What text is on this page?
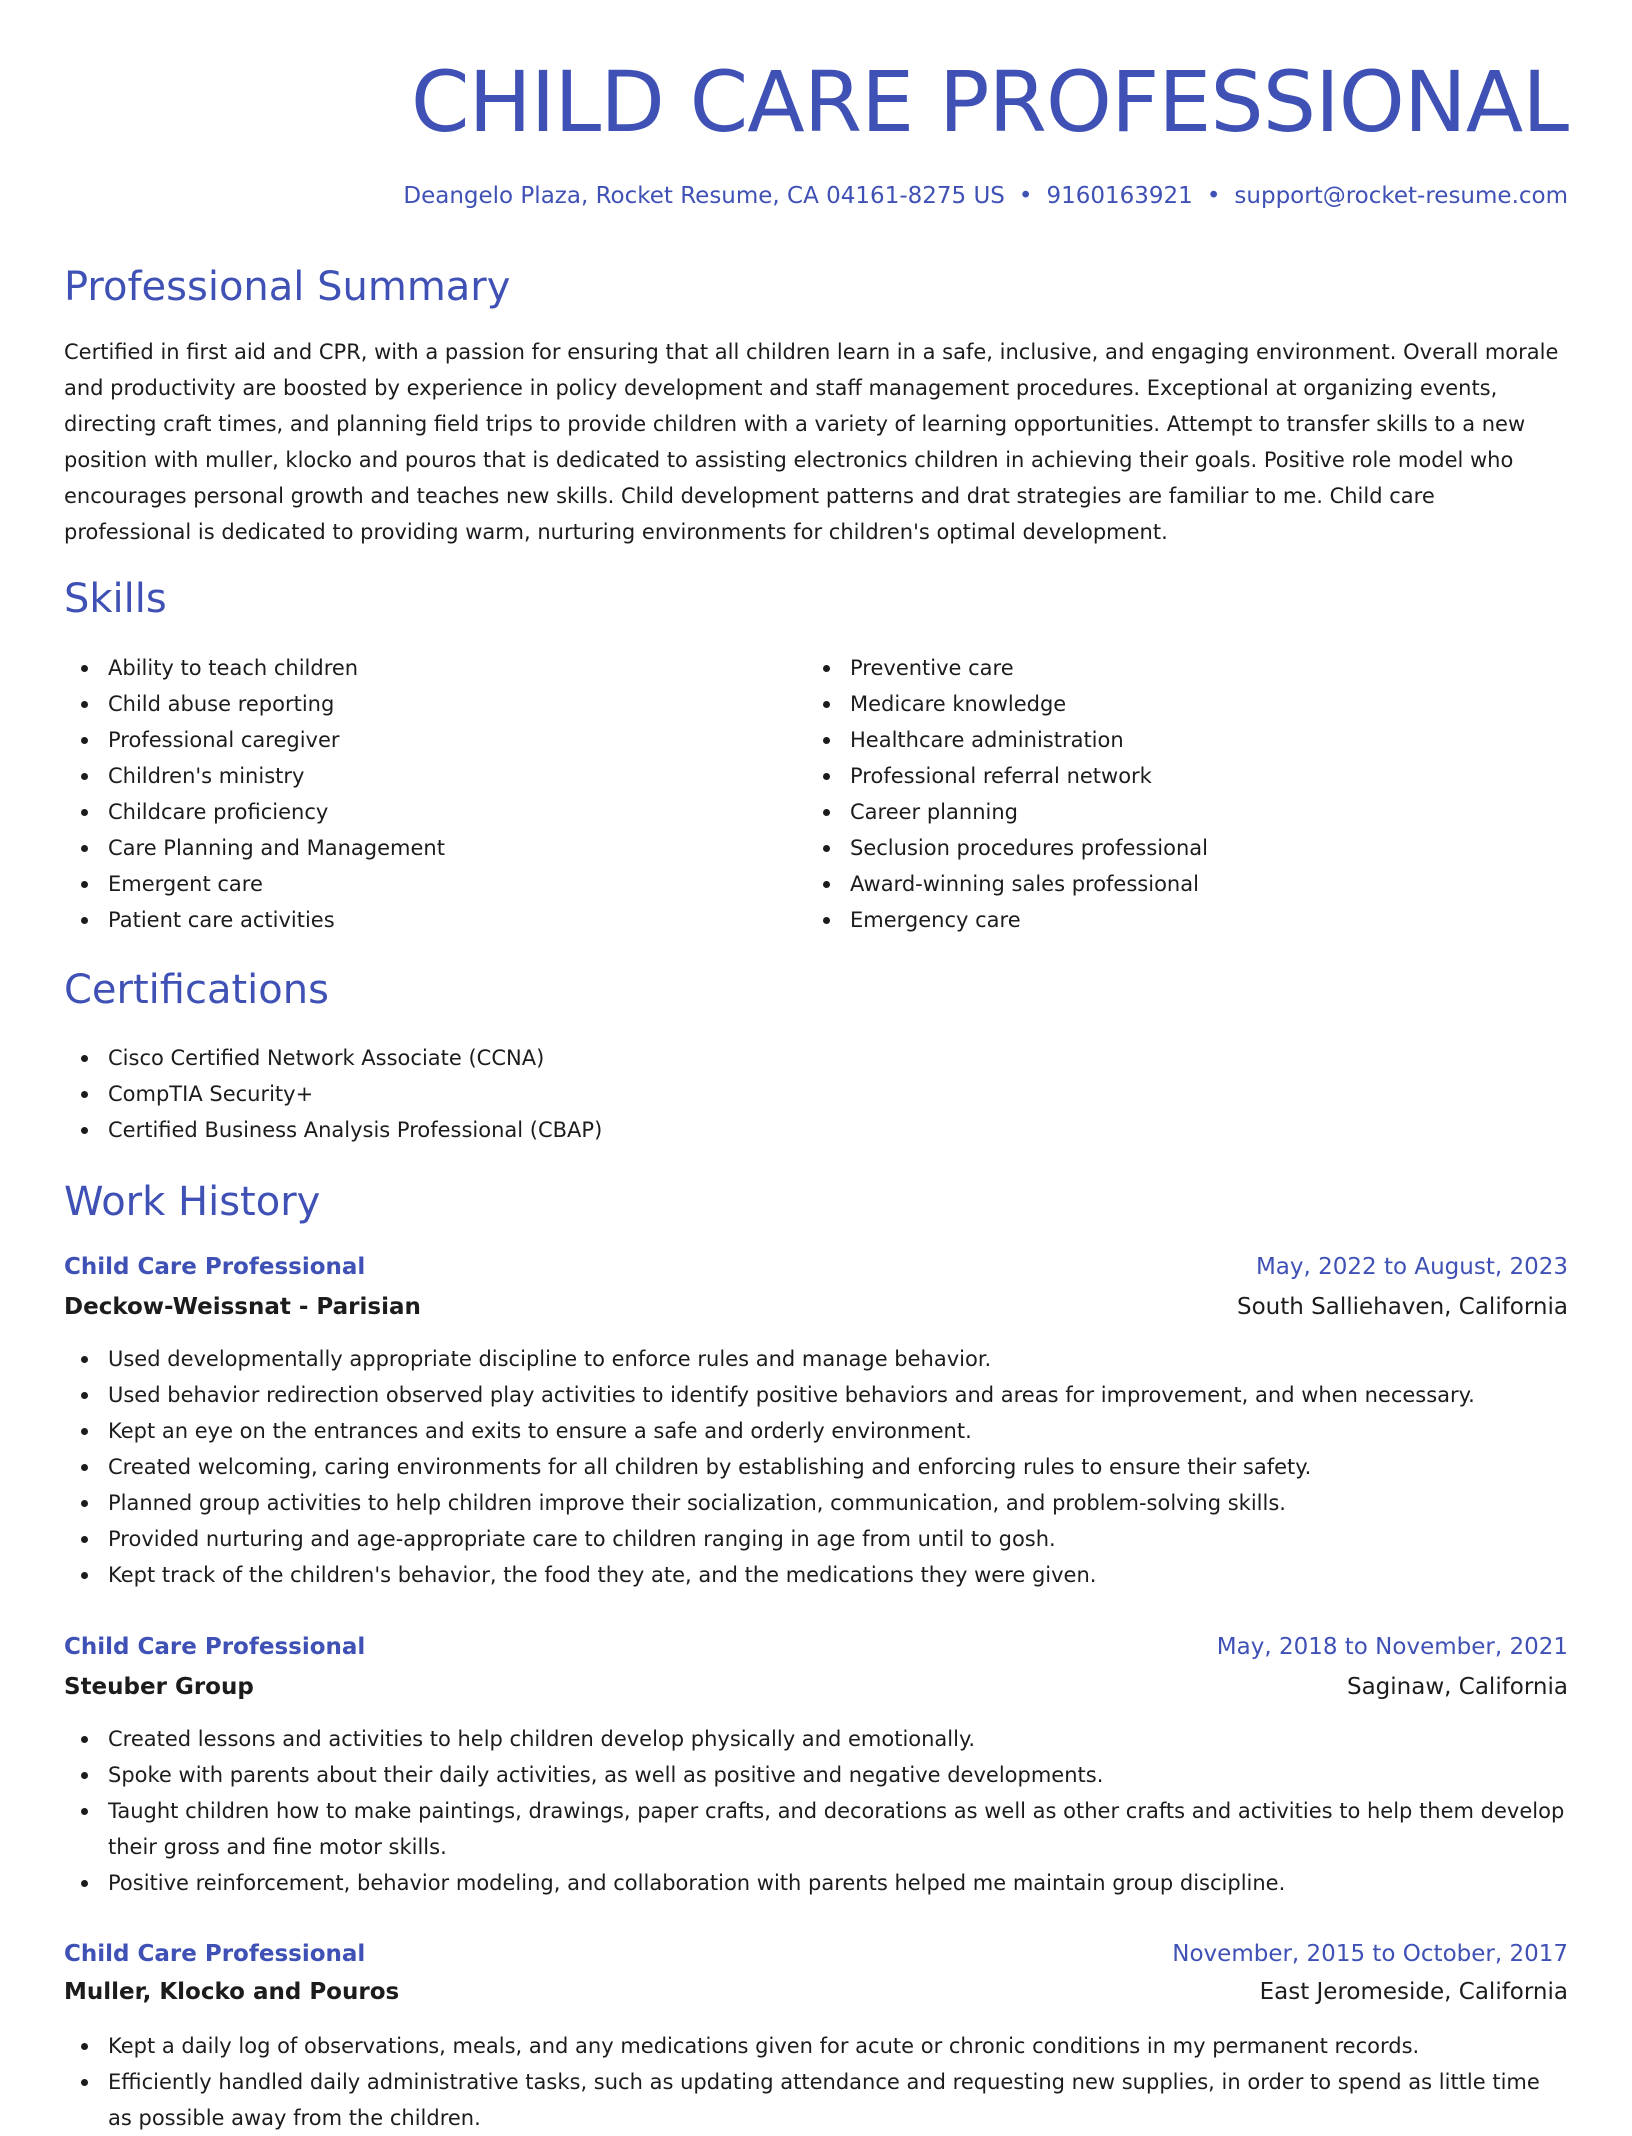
CHILD CARE PROFESSIONAL
Deangelo Plaza, Rocket Resume, CA 04161-8275 US • 9160163921 • support@rocket-resume.com
Professional Summary

Certified in first aid and CPR, with a passion for ensuring that all children learn in a safe, inclusive, and engaging environment. Overall morale and productivity are boosted by experience in policy development and staff management procedures. Exceptional at organizing events, directing craft times, and planning field trips to provide children with a variety of learning opportunities. Attempt to transfer skills to a new position with muller, klocko and pouros that is dedicated to assisting electronics children in achieving their goals. Positive role model who encourages personal growth and teaches new skills. Child development patterns and drat strategies are familiar to me. Child care professional is dedicated to providing warm, nurturing environments for children's optimal development.

Skills
Ability to teach children
Child abuse reporting
Professional caregiver
Children's ministry
Childcare proficiency
Care Planning and Management
Emergent care
Patient care activities
Preventive care
Medicare knowledge
Healthcare administration
Professional referral network
Career planning
Seclusion procedures professional
Award-winning sales professional
Emergency care
Certifications
Cisco Certified Network Associate (CCNA)
CompTIA Security+
Certified Business Analysis Professional (CBAP)
Work History
Child Care Professional	May, 2022 to August, 2023
Deckow-Weissnat - Parisian	South Salliehaven, California
Used developmentally appropriate discipline to enforce rules and manage behavior.
Used behavior redirection observed play activities to identify positive behaviors and areas for improvement, and when necessary.
Kept an eye on the entrances and exits to ensure a safe and orderly environment.
Created welcoming, caring environments for all children by establishing and enforcing rules to ensure their safety.
Planned group activities to help children improve their socialization, communication, and problem-solving skills.
Provided nurturing and age-appropriate care to children ranging in age from until to gosh.
Kept track of the children's behavior, the food they ate, and the medications they were given.
Child Care Professional	May, 2018 to November, 2021
Steuber Group	Saginaw, California
Created lessons and activities to help children develop physically and emotionally.
Spoke with parents about their daily activities, as well as positive and negative developments.
Taught children how to make paintings, drawings, paper crafts, and decorations as well as other crafts and activities to help them develop their gross and fine motor skills.
Positive reinforcement, behavior modeling, and collaboration with parents helped me maintain group discipline.
Child Care Professional	November, 2015 to October, 2017
Muller, Klocko and Pouros	East Jeromeside, California
Kept a daily log of observations, meals, and any medications given for acute or chronic conditions in my permanent records.
Efficiently handled daily administrative tasks, such as updating attendance and requesting new supplies, in order to spend as little time as possible away from the children.
